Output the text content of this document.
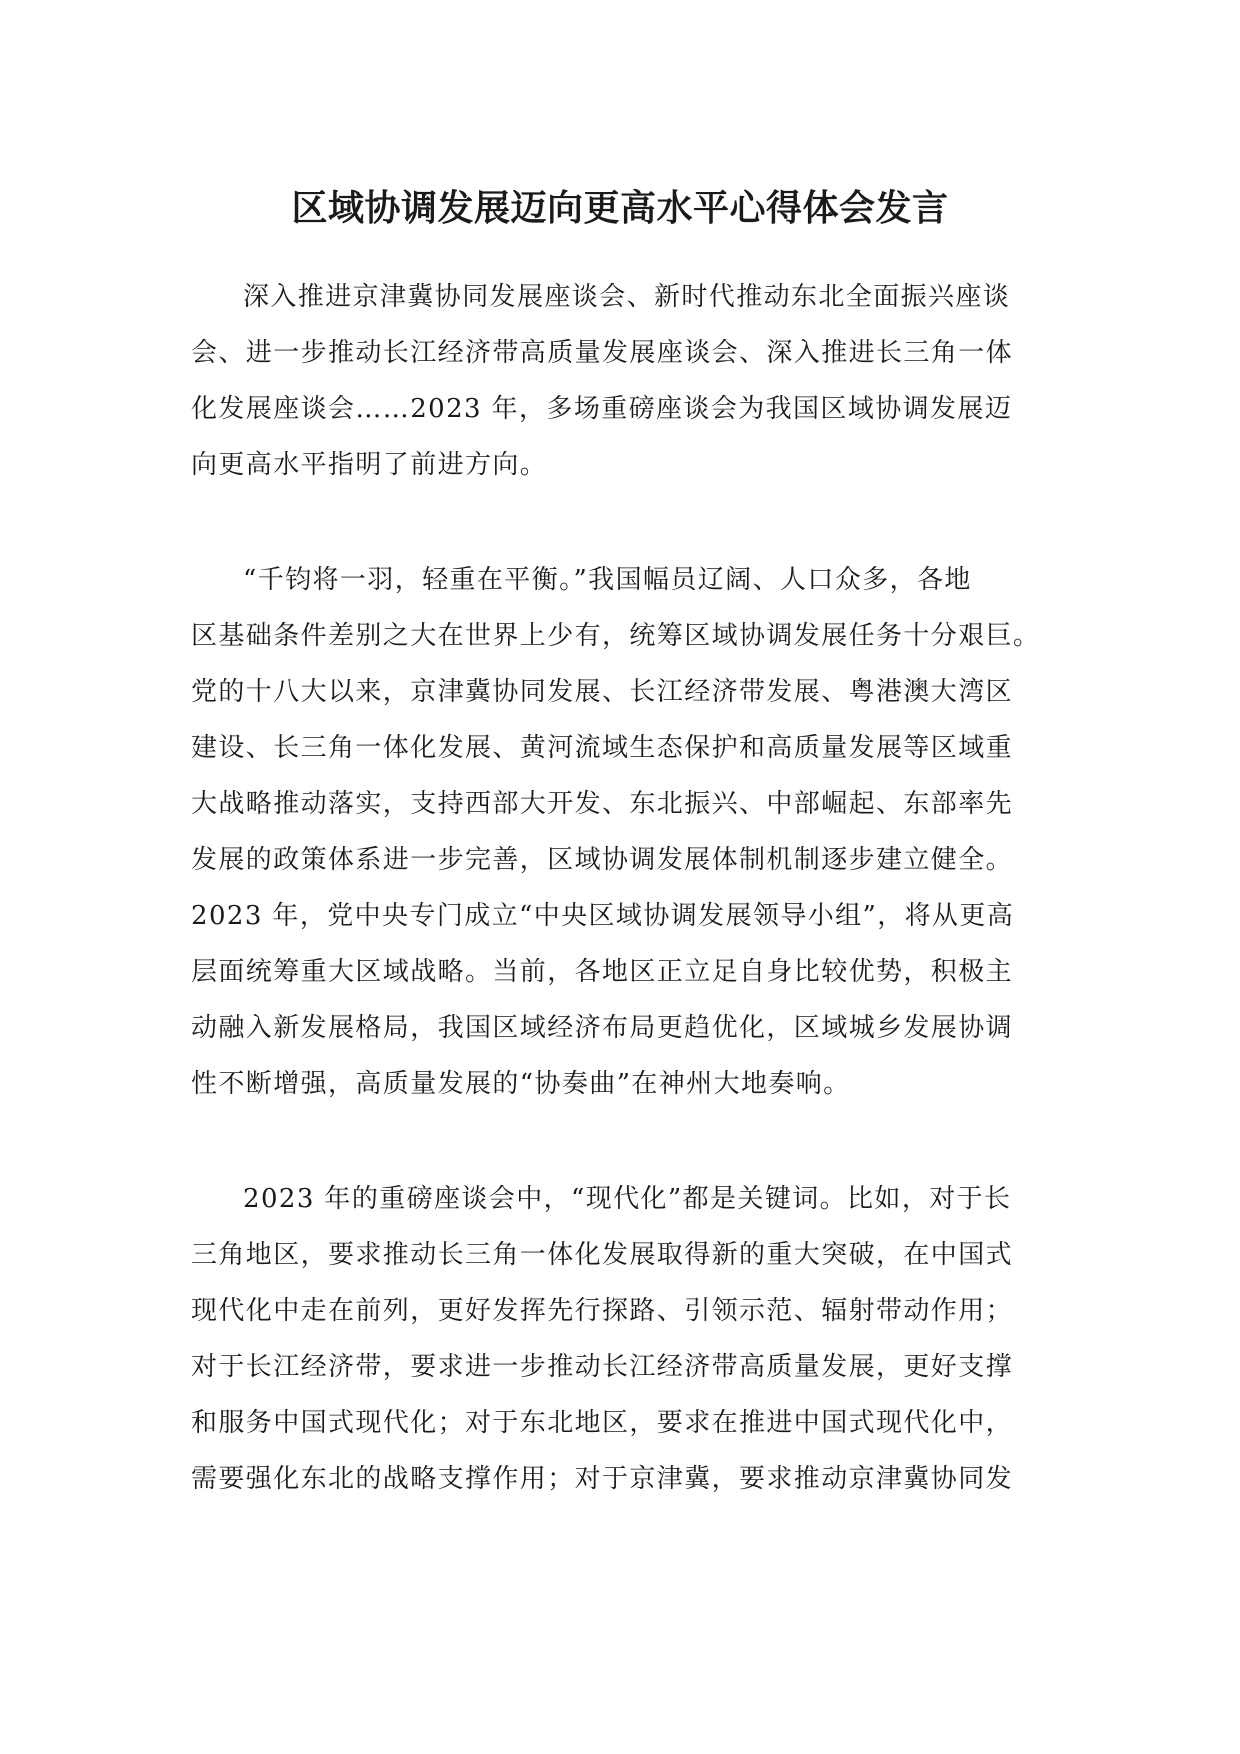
区域协调发展迈向更高水平心得体会发言

深入推进京津冀协同发展座谈会、新时代推动东北全面振兴座谈
会、进一步推动长江经济带高质量发展座谈会、深入推进长三角一体
化发展座谈会……2023 年，多场重磅座谈会为我国区域协调发展迈
向更高水平指明了前进方向。

“千钧将一羽，轻重在平衡。”我国幅员辽阔、人口众多，各地
区基础条件差别之大在世界上少有，统筹区域协调发展任务十分艰巨。
党的十八大以来，京津冀协同发展、长江经济带发展、粤港澳大湾区
建设、长三角一体化发展、黄河流域生态保护和高质量发展等区域重
大战略推动落实，支持西部大开发、东北振兴、中部崛起、东部率先
发展的政策体系进一步完善，区域协调发展体制机制逐步建立健全。
2023 年，党中央专门成立“中央区域协调发展领导小组”，将从更高
层面统筹重大区域战略。当前，各地区正立足自身比较优势，积极主
动融入新发展格局，我国区域经济布局更趋优化，区域城乡发展协调
性不断增强，高质量发展的“协奏曲”在神州大地奏响。

2023 年的重磅座谈会中，“现代化”都是关键词。比如，对于长
三角地区，要求推动长三角一体化发展取得新的重大突破，在中国式
现代化中走在前列，更好发挥先行探路、引领示范、辐射带动作用；
对于长江经济带，要求进一步推动长江经济带高质量发展，更好支撑
和服务中国式现代化；对于东北地区，要求在推进中国式现代化中，
需要强化东北的战略支撑作用；对于京津冀，要求推动京津冀协同发
